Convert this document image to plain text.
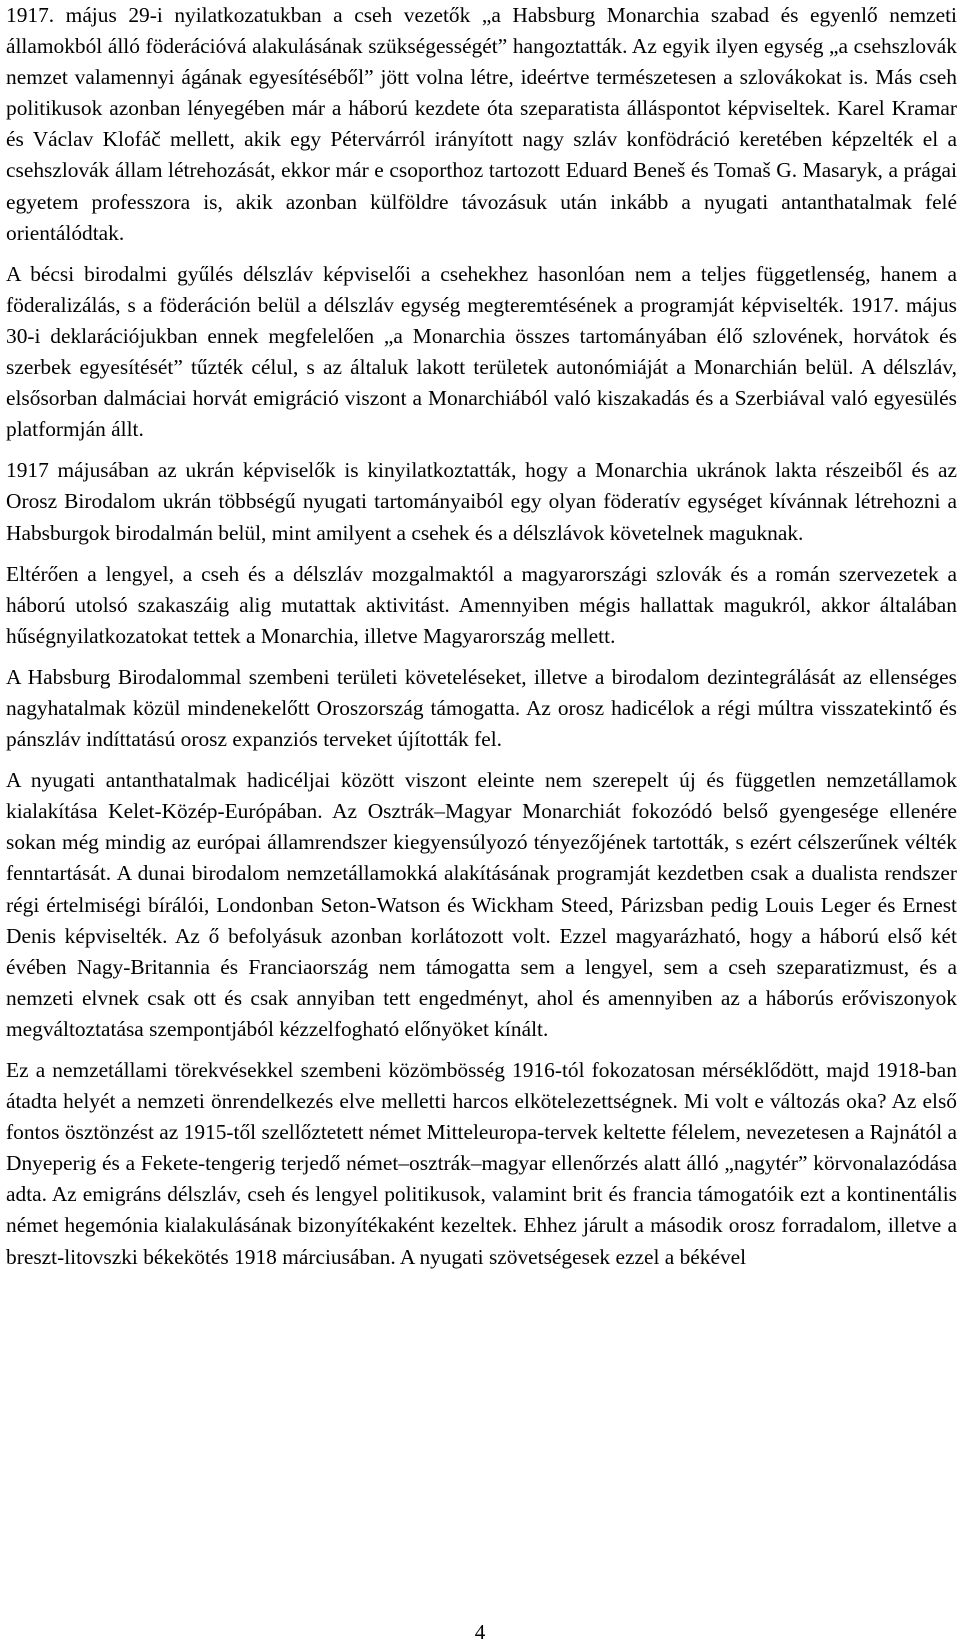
1917. május 29-i nyilatkozatukban a cseh vezetők „a Habsburg Monarchia szabad és egyenlő nemzeti államokból álló föderációvá alakulásának szükségességét” hangoztatták. Az egyik ilyen egység „a csehszlovák nemzet valamennyi ágának egyesítéséből” jött volna létre, ideértve természetesen a szlovákokat is. Más cseh politikusok azonban lényegében már a háború kezdete óta szeparatista álláspontot képviseltek. Karel Kramar és Václav Klofáč mellett, akik egy Pétervárról irányított nagy szláv konfödráció keretében képzelték el a csehszlovák állam létrehozását, ekkor már e csoporthoz tartozott Eduard Beneš és Tomaš G. Masaryk, a prágai egyetem professzora is, akik azonban külföldre távozásuk után inkább a nyugati antanthatalmak felé orientálódtak.

A bécsi birodalmi gyűlés délszláv képviselői a csehekhez hasonlóan nem a teljes függetlenség, hanem a föderalizálás, s a föderáción belül a délszláv egység megteremtésének a programját képviselték. 1917. május 30-i deklarációjukban ennek megfelelően „a Monarchia összes tartományában élő szlovének, horvátok és szerbek egyesítését” tűzték célul, s az általuk lakott területek autonómiáját a Monarchián belül. A délszláv, elsősorban dalmáciai horvát emigráció viszont a Monarchiából való kiszakadás és a Szerbiával való egyesülés platformján állt.

1917 májusában az ukrán képviselők is kinyilatkoztatták, hogy a Monarchia ukránok lakta részeiből és az Orosz Birodalom ukrán többségű nyugati tartományaiból egy olyan föderatív egységet kívánnak létrehozni a Habsburgok birodalmán belül, mint amilyent a csehek és a délszlávok követelnek maguknak.

Eltérően a lengyel, a cseh és a délszláv mozgalmaktól a magyarországi szlovák és a román szervezetek a háború utolsó szakaszáig alig mutattak aktivitást. Amennyiben mégis hallattak magukról, akkor általában hűségnyilatkozatokat tettek a Monarchia, illetve Magyarország mellett.

A Habsburg Birodalommal szembeni területi követeléseket, illetve a birodalom dezintegrálását az ellenséges nagyhatalmak közül mindenekelőtt Oroszország támogatta. Az orosz hadicélok a régi múltra visszatekintő és pánszláv indíttatású orosz expanziós terveket újították fel.

A nyugati antanthatalmak hadicéljai között viszont eleinte nem szerepelt új és független nemzetállamok kialakítása Kelet-Közép-Európában. Az Osztrák–Magyar Monarchiát fokozódó belső gyengesége ellenére sokan még mindig az európai államrendszer kiegyensúlyozó tényezőjének tartották, s ezért célszerűnek vélték fenntartását. A dunai birodalom nemzetállamokká alakításának programját kezdetben csak a dualista rendszer régi értelmiségi bírálói, Londonban Seton-Watson és Wickham Steed, Párizsban pedig Louis Leger és Ernest Denis képviselték. Az ő befolyásuk azonban korlátozott volt. Ezzel magyarázható, hogy a háború első két évében Nagy-Britannia és Franciaország nem támogatta sem a lengyel, sem a cseh szeparatizmust, és a nemzeti elvnek csak ott és csak annyiban tett engedményt, ahol és amennyiben az a háborús erőviszonyok megváltoztatása szempontjából kézzelfogható előnyöket kínált.

Ez a nemzetállami törekvésekkel szembeni közömbösség 1916-tól fokozatosan mérséklődött, majd 1918-ban átadta helyét a nemzeti önrendelkezés elve melletti harcos elkötelezettségnek. Mi volt e változás oka? Az első fontos ösztönzést az 1915-től szellőztetett német Mitteleuropa-tervek keltette félelem, nevezetesen a Rajnától a Dnyeperig és a Fekete-tengerig terjedő német–osztrák–magyar ellenőrzés alatt álló „nagytér” körvonalazódása adta. Az emigráns délszláv, cseh és lengyel politikusok, valamint brit és francia támogatóik ezt a kontinentális német hegemónia kialakulásának bizonyítékaként kezeltek. Ehhez járult a második orosz forradalom, illetve a breszt-litovszki békekötés 1918 márciusában. A nyugati szövetségesek ezzel a békével

4
